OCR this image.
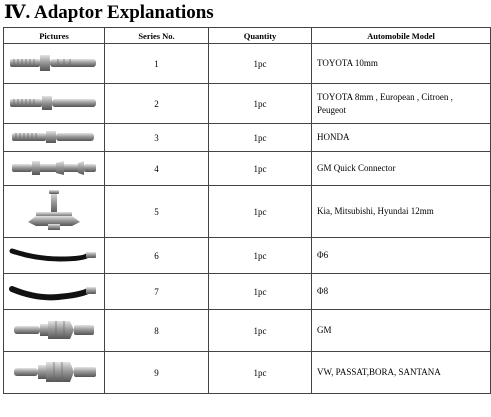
Ⅳ. Adaptor Explanations
Pictures	Series No.	Quantity	Automobile Model
	1	1pc	TOYOTA 10mm
	2	1pc	TOYOTA 8mm , European , Citroen ,
Peugeot
	3	1pc	HONDA
	4	1pc	GM Quick Connector
	5	1pc	Kia, Mitsubishi, Hyundai 12mm
	6	1pc	Φ6
	7	1pc	Φ8
	8	1pc	GM
	9	1pc	VW, PASSAT,BORA, SANTANA
